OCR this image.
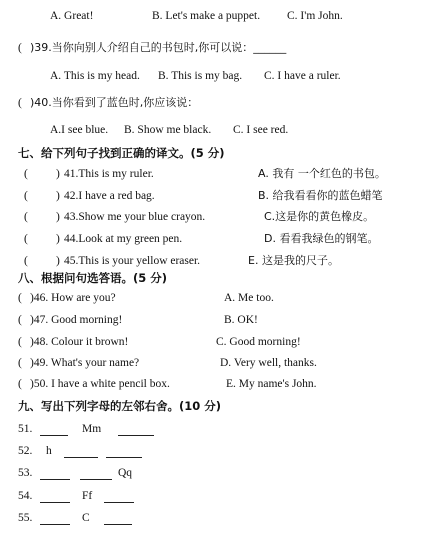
A. Great!	B. Let's make a puppet. C. I'm John.
( )39.当你向别人介绍自己的书包时,你可以说：______
A. This is my head. B. This is my bag. C. I have a ruler.
( )40.当你看到了蓝色时,你应该说：
A.I see blue. B. Show me black. C. I see red.
七、给下列句子找到正确的译文。(5 分)
( ) 41.This is my ruler.	A. 我有 一个红色的书包。
( ) 42.I have a red bag.	B. 给我看看你的蓝色蜡笔
( ) 43.Show me your blue crayon.	C.这是你的黄色橡皮。
( ) 44.Look at my green pen.	D. 看看我绿色的钢笔。
( ) 45.This is your yellow eraser.	E. 这是我的尺子。
八、根据问句选答语。(5 分)
( )46. How are you?	A. Me too.
( )47. Good morning!	B. OK!
( )48. Colour it brown!	C. Good morning!
( )49. What's your name?	D. Very well, thanks.
( )50. I have a white pencil box.	E. My name's John.
九、写出下列字母的左邻右舍。(10 分)
51.	Mm
52. h
53.	Qq
54.	Ff
55.	C
